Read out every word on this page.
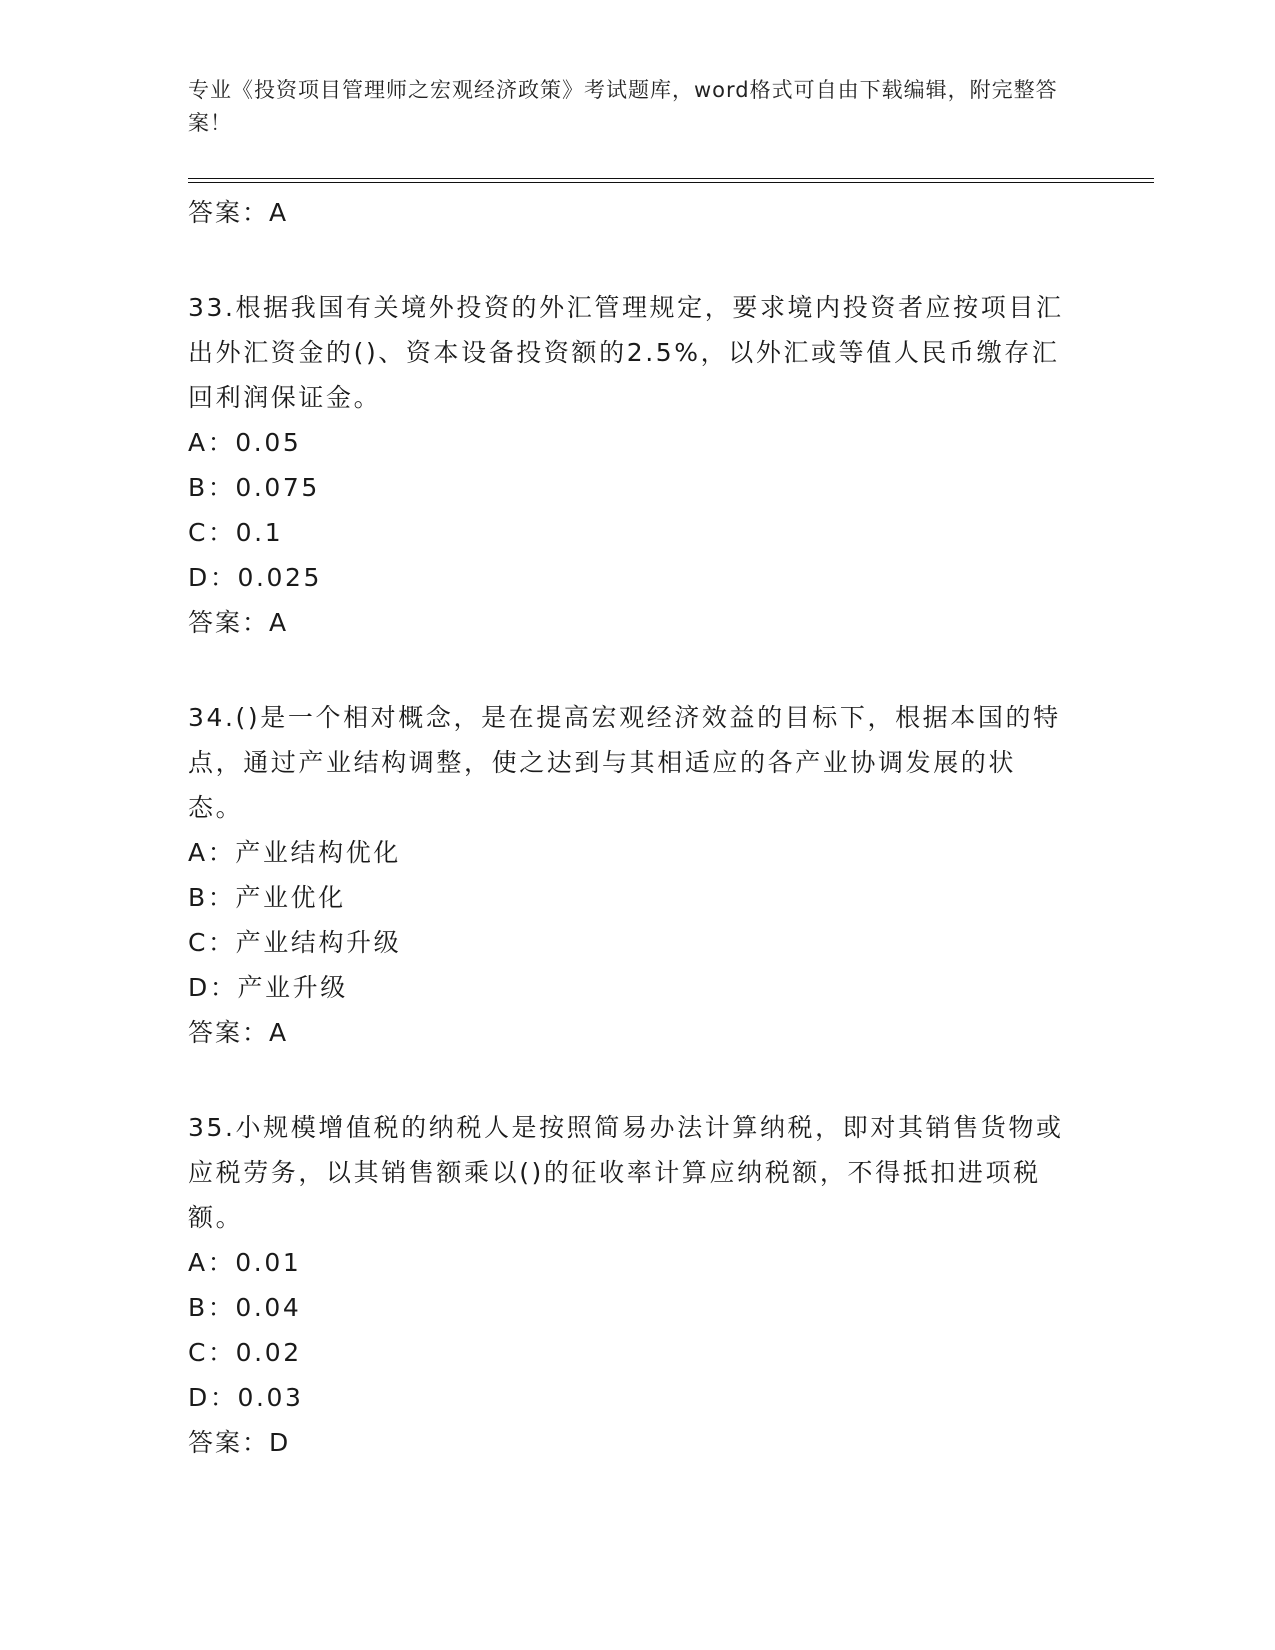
专业《投资项目管理师之宏观经济政策》考试题库，word格式可自由下载编辑，附完整答案！
答案：A
33.根据我国有关境外投资的外汇管理规定，要求境内投资者应按项目汇出外汇资金的()、资本设备投资额的2.5%，以外汇或等值人民币缴存汇回利润保证金。
A：0.05
B：0.075
C：0.1
D：0.025
答案：A
34.()是一个相对概念，是在提高宏观经济效益的目标下，根据本国的特点，通过产业结构调整，使之达到与其相适应的各产业协调发展的状态。
A：产业结构优化
B：产业优化
C：产业结构升级
D：产业升级
答案：A
35.小规模增值税的纳税人是按照简易办法计算纳税，即对其销售货物或应税劳务，以其销售额乘以()的征收率计算应纳税额，不得抵扣进项税额。
A：0.01
B：0.04
C：0.02
D：0.03
答案：D
